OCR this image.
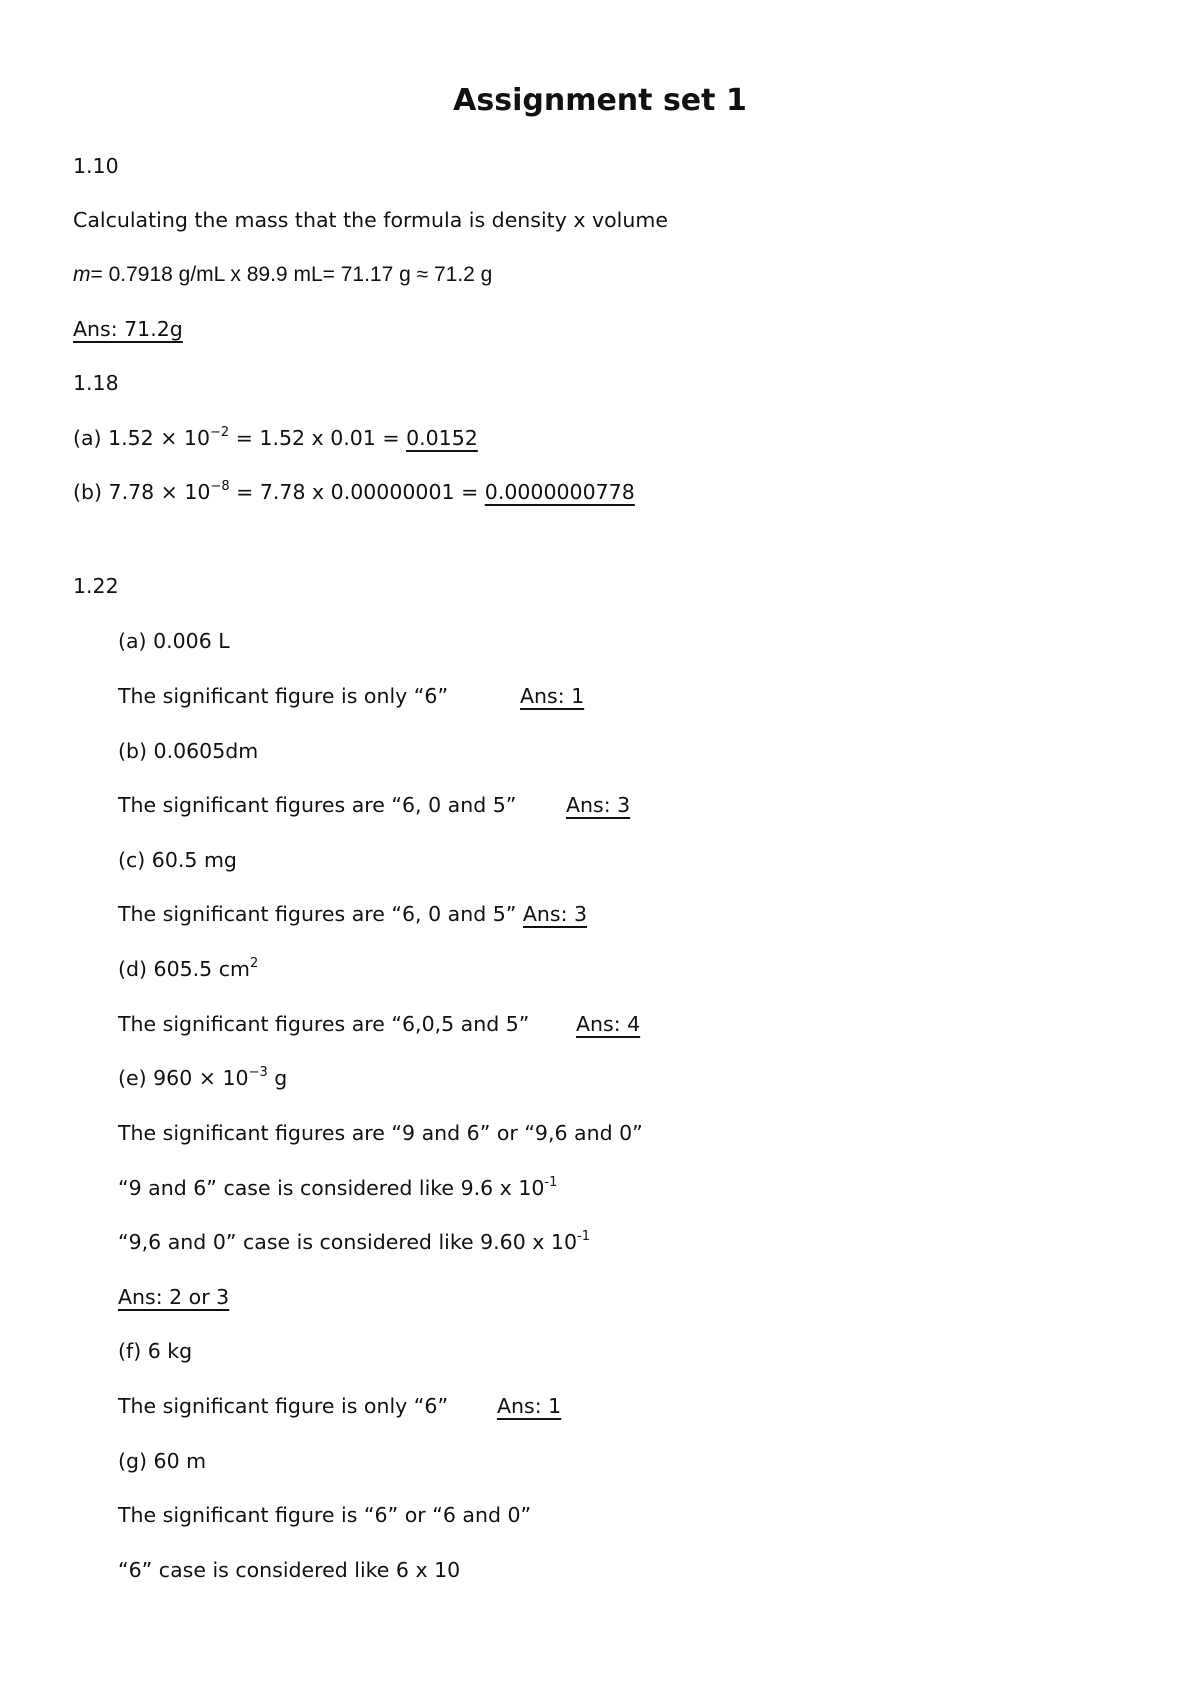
Assignment set 1
1.10
Calculating the mass that the formula is density x volume
m= 0.7918 g/mL x 89.9 mL= 71.17 g ≈ 71.2 g
Ans: 71.2g
1.18
(a) $1.52 \times 10^{-2} = 1.52$ x 0.01 = 0.0152
(b) $7.78 \times 10^{-8} = 7.78$ x 0.00000001 = 0.0000000778
1.22
(a) 0.006 L
The significant figure is only “6”	Ans: 1
(b) 0.0605dm
The significant figures are “6, 0 and 5” Ans: 3
(c) 60.5 mg
The significant figures are “6, 0 and 5” Ans: 3
(d) 605.5 $cm^2$
The significant figures are “6,0,5 and 5” Ans: 4
(e) $960 \times 10^{-3}$ g
The significant figures are “9 and 6” or “9,6 and 0”
“9 and 6” case is considered like 9.6 x $10^{-1}$
“9,6 and 0” case is considered like 9.60 x $10^{-1}$
Ans: 2 or 3
(f) 6 kg
The significant figure is only “6” Ans: 1
(g) 60 m
The significant figure is “6” or “6 and 0”
“6” case is considered like 6 x 10
